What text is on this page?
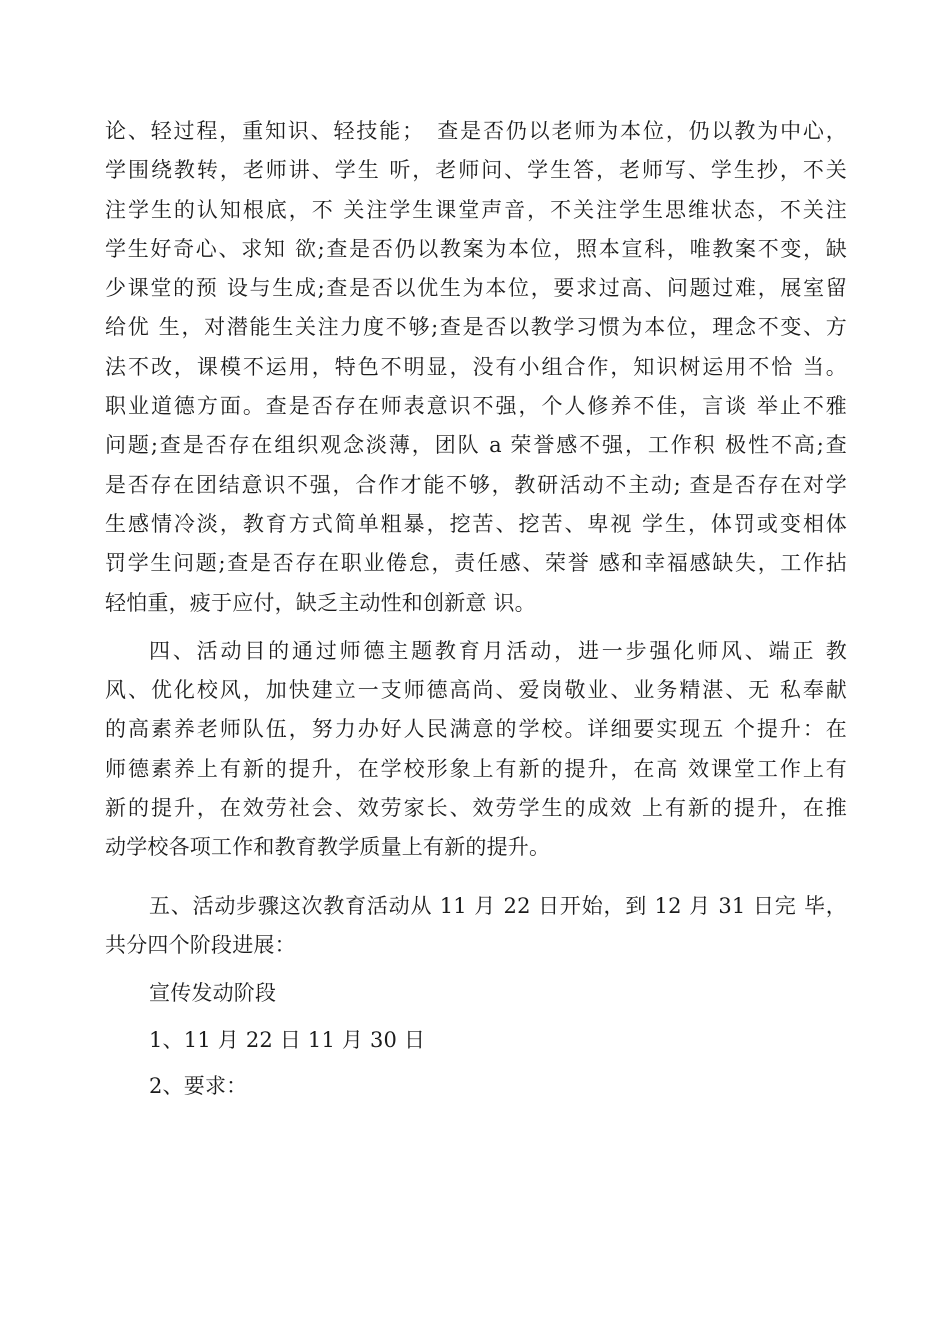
论、轻过程，重知识、轻技能；　查是否仍以老师为本位，仍以教为中心，
学围绕教转，老师讲、学生 听，老师问、学生答，老师写、学生抄，不关
注学生的认知根底，不 关注学生课堂声音，不关注学生思维状态，不关注
学生好奇心、求知 欲;查是否仍以教案为本位，照本宣科，唯教案不变，缺
少课堂的预 设与生成;查是否以优生为本位，要求过高、问题过难，展室留
给优 生，对潜能生关注力度不够;查是否以教学习惯为本位，理念不变、方
法不改，课模不运用，特色不明显，没有小组合作，知识树运用不恰 当。
职业道德方面。查是否存在师表意识不强，个人修养不佳，言谈 举止不雅
问题;查是否存在组织观念淡薄，团队 a 荣誉感不强，工作积 极性不高;查
是否存在团结意识不强，合作才能不够，教研活动不主动; 查是否存在对学
生感情冷淡，教育方式简单粗暴，挖苦、挖苦、卑视 学生，体罚或变相体
罚学生问题;查是否存在职业倦怠，责任感、荣誉 感和幸福感缺失，工作拈
轻怕重，疲于应付，缺乏主动性和创新意 识。
四、活动目的通过师德主题教育月活动，进一步强化师风、端正 教
风、优化校风，加快建立一支师德高尚、爱岗敬业、业务精湛、无 私奉献
的高素养老师队伍，努力办好人民满意的学校。详细要实现五 个提升：在
师德素养上有新的提升，在学校形象上有新的提升，在高 效课堂工作上有
新的提升，在效劳社会、效劳家长、效劳学生的成效 上有新的提升，在推
动学校各项工作和教育教学质量上有新的提升。
五、活动步骤这次教育活动从 11 月 22 日开始，到 12 月 31 日完 毕，
共分四个阶段进展：
宣传发动阶段
1、11 月 22 日 11 月 30 日
2、要求：
